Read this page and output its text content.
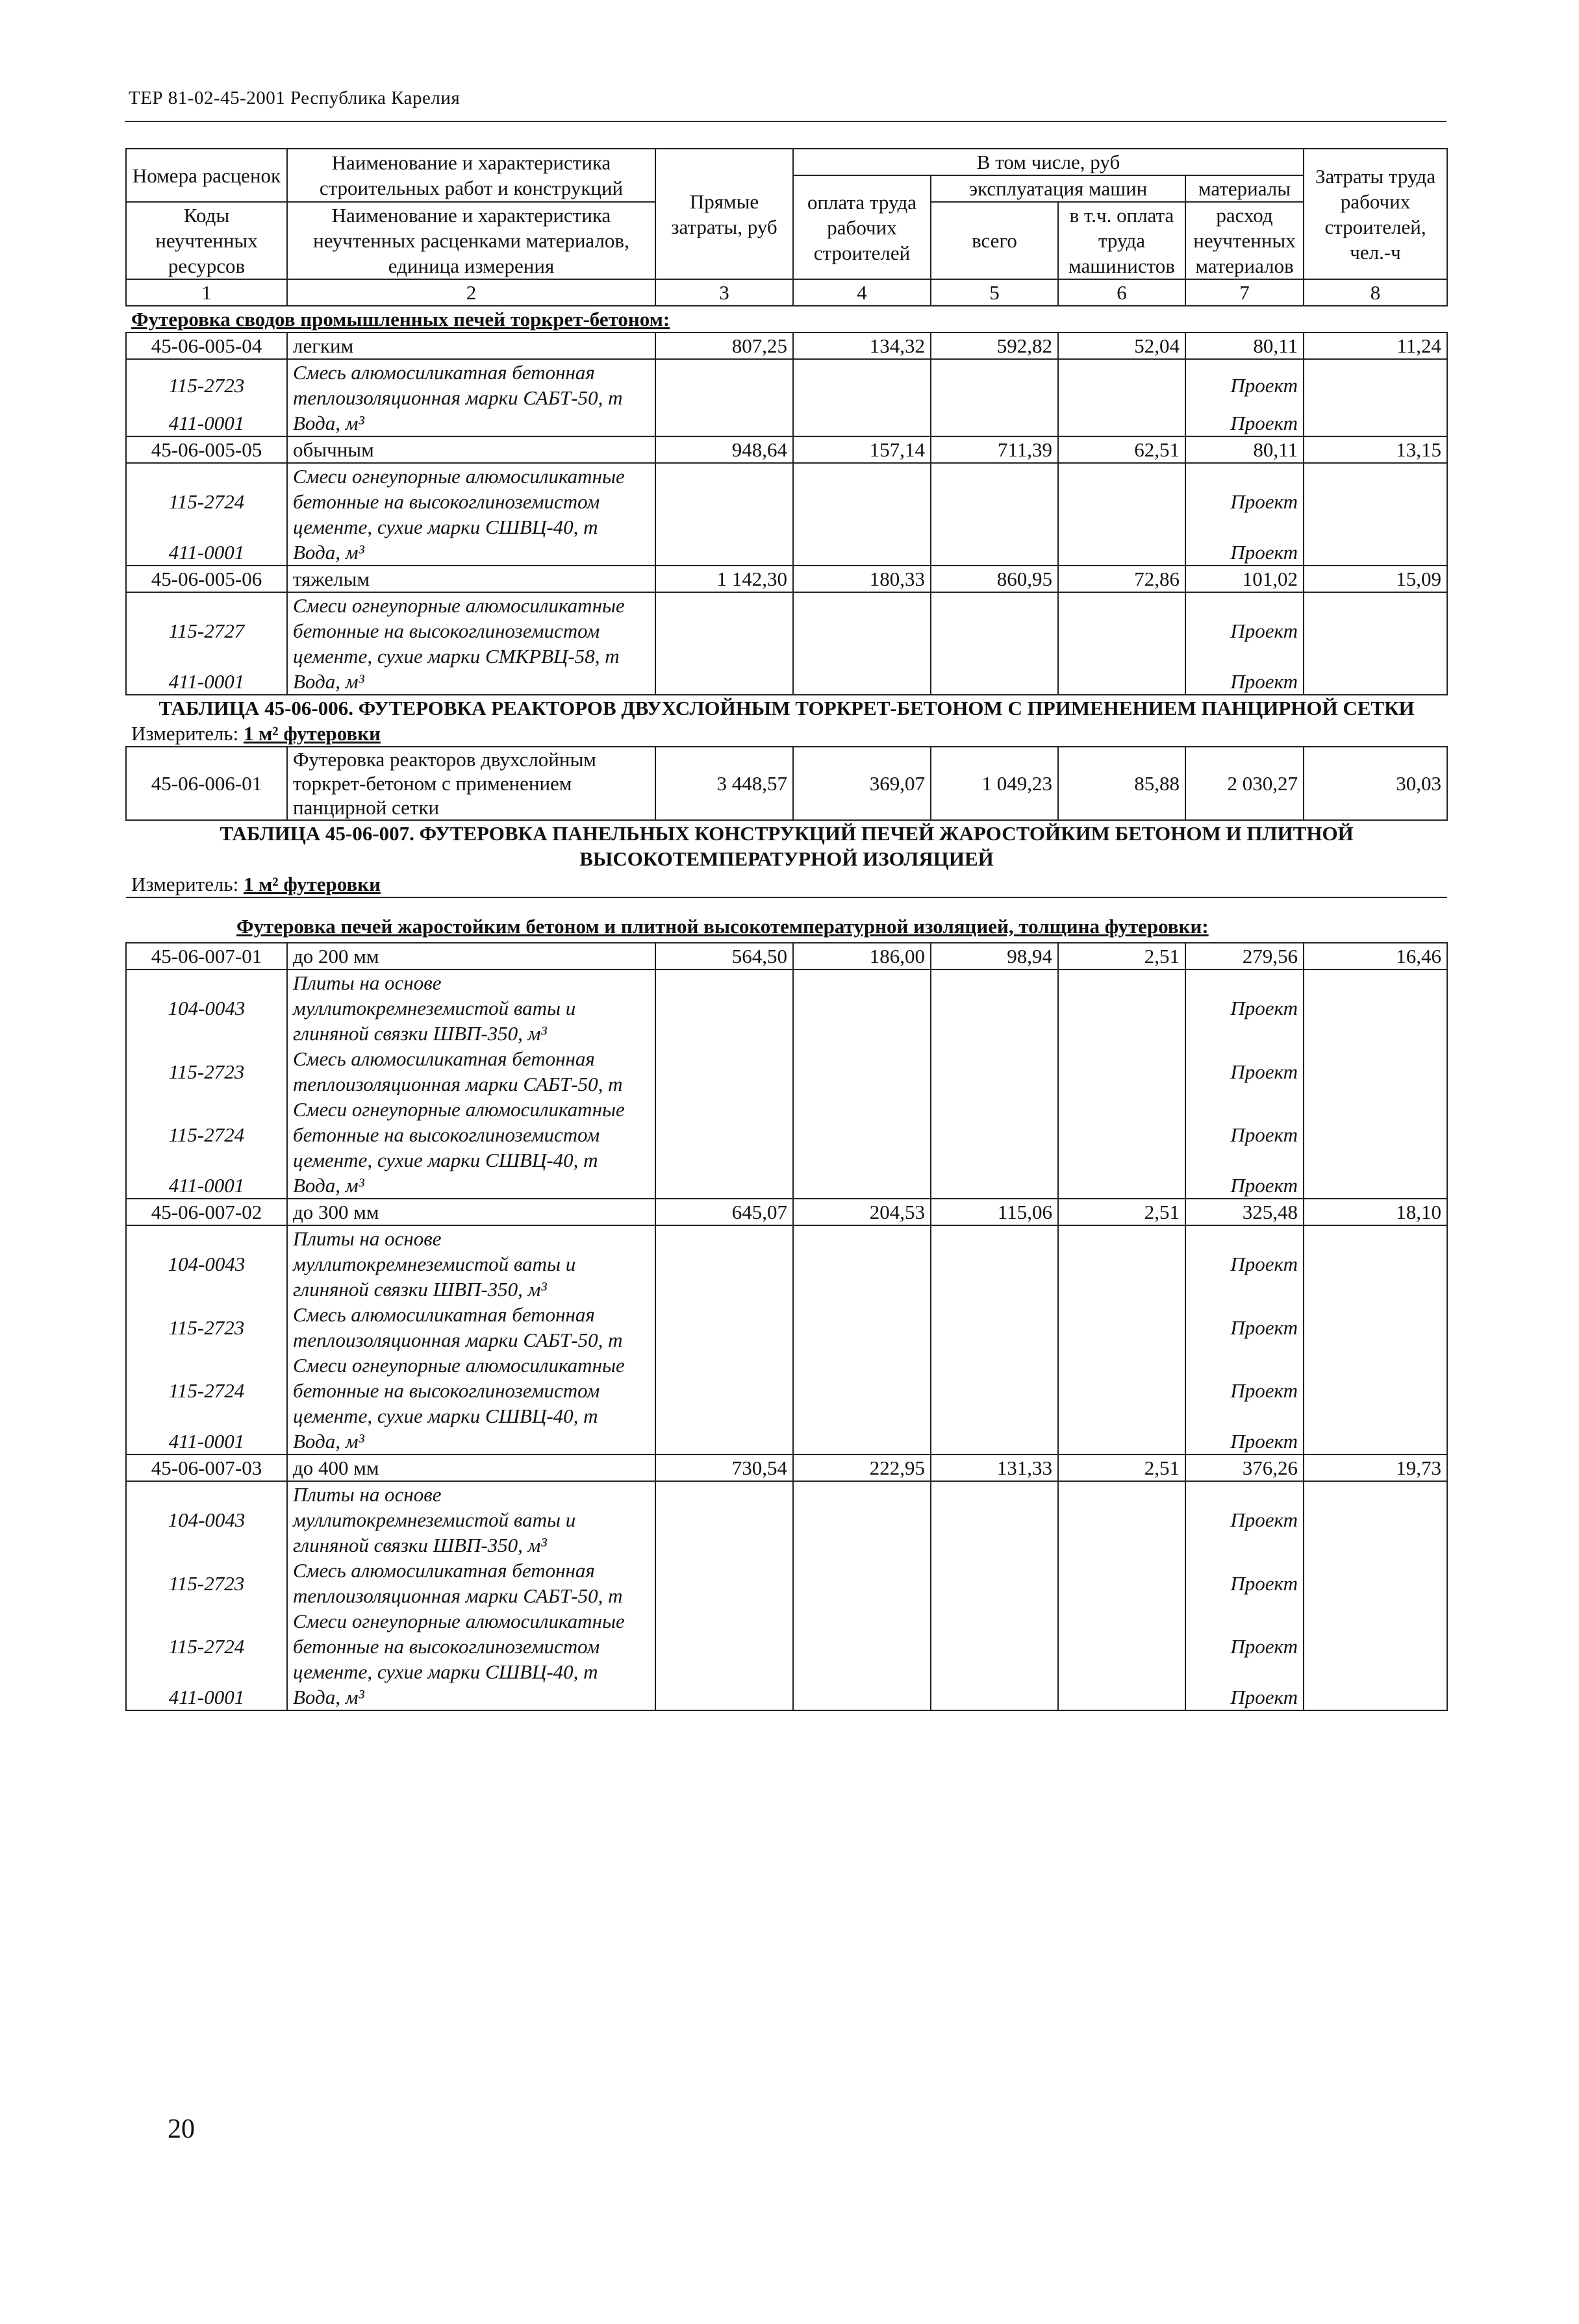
ТЕР 81-02-45-2001 Республика Карелия
Номера расценок	Наименование и характеристика строительных работ и конструкций	Прямые затраты, руб	В том числе, руб				Затраты труда рабочих строителей, чел.-ч
			оплата труда рабочих строителей	эксплуатация машин		материалы	
Коды неучтенных ресурсов	Наименование и характеристика неучтенных расценками материалов, единица измерения			всего	в т.ч. оплата труда машинистов	расход неучтенных материалов	

1	2	3	4	5	6	7	8
Футеровка сводов промышленных печей торкрет-бетоном:							
45-06-005-04	легким	807,25	134,32	592,82	52,04	80,11	11,24
115-2723	Смесь алюмосиликатная бетонная теплоизоляционная марки САБТ-50, т					Проект	
411-0001	Вода, м³					Проект	
45-06-005-05	обычным	948,64	157,14	711,39	62,51	80,11	13,15
115-2724	Смеси огнеупорные алюмосиликатные бетонные на высокоглиноземистом цементе, сухие марки СШВЦ-40, т					Проект	
411-0001	Вода, м³					Проект	
45-06-005-06	тяжелым	1 142,30	180,33	860,95	72,86	101,02	15,09
115-2727	Смеси огнеупорные алюмосиликатные бетонные на высокоглиноземистом цементе, сухие марки СМКРВЦ-58, т					Проект	
411-0001	Вода, м³					Проект	
ТАБЛИЦА 45-06-006. ФУТЕРОВКА РЕАКТОРОВ ДВУХСЛОЙНЫМ ТОРКРЕТ-БЕТОНОМ С ПРИМЕНЕНИЕМ ПАНЦИРНОЙ СЕТКИ							
Измеритель: 1 м² футеровки							
45-06-006-01	Футеровка реакторов двухслойным торкрет-бетоном с применением панцирной сетки	3 448,57	369,07	1 049,23	85,88	2 030,27	30,03
ТАБЛИЦА 45-06-007. ФУТЕРОВКА ПАНЕЛЬНЫХ КОНСТРУКЦИЙ ПЕЧЕЙ ЖАРОСТОЙКИМ БЕТОНОМ И ПЛИТНОЙ ВЫСОКОТЕМПЕРАТУРНОЙ ИЗОЛЯЦИЕЙ							
Измеритель: 1 м² футеровки							
Футеровка печей жаростойким бетоном и плитной высокотемпературной изоляцией, толщина футеровки:							
45-06-007-01	до 200 мм	564,50	186,00	98,94	2,51	279,56	16,46
104-0043	Плиты на основе муллитокремнеземистой ваты и глиняной связки ШВП-350, м³					Проект	
115-2723	Смесь алюмосиликатная бетонная теплоизоляционная марки САБТ-50, т					Проект	
115-2724	Смеси огнеупорные алюмосиликатные бетонные на высокоглиноземистом цементе, сухие марки СШВЦ-40, т					Проект	
411-0001	Вода, м³					Проект	
45-06-007-02	до 300 мм	645,07	204,53	115,06	2,51	325,48	18,10
104-0043	Плиты на основе муллитокремнеземистой ваты и глиняной связки ШВП-350, м³					Проект	
115-2723	Смесь алюмосиликатная бетонная теплоизоляционная марки САБТ-50, т					Проект	
115-2724	Смеси огнеупорные алюмосиликатные бетонные на высокоглиноземистом цементе, сухие марки СШВЦ-40, т					Проект	
411-0001	Вода, м³					Проект	
45-06-007-03	до 400 мм	730,54	222,95	131,33	2,51	376,26	19,73
104-0043	Плиты на основе муллитокремнеземистой ваты и глиняной связки ШВП-350, м³					Проект	
115-2723	Смесь алюмосиликатная бетонная теплоизоляционная марки САБТ-50, т					Проект	
115-2724	Смеси огнеупорные алюмосиликатные бетонные на высокоглиноземистом цементе, сухие марки СШВЦ-40, т					Проект	
411-0001	Вода, м³					Проект	
20
